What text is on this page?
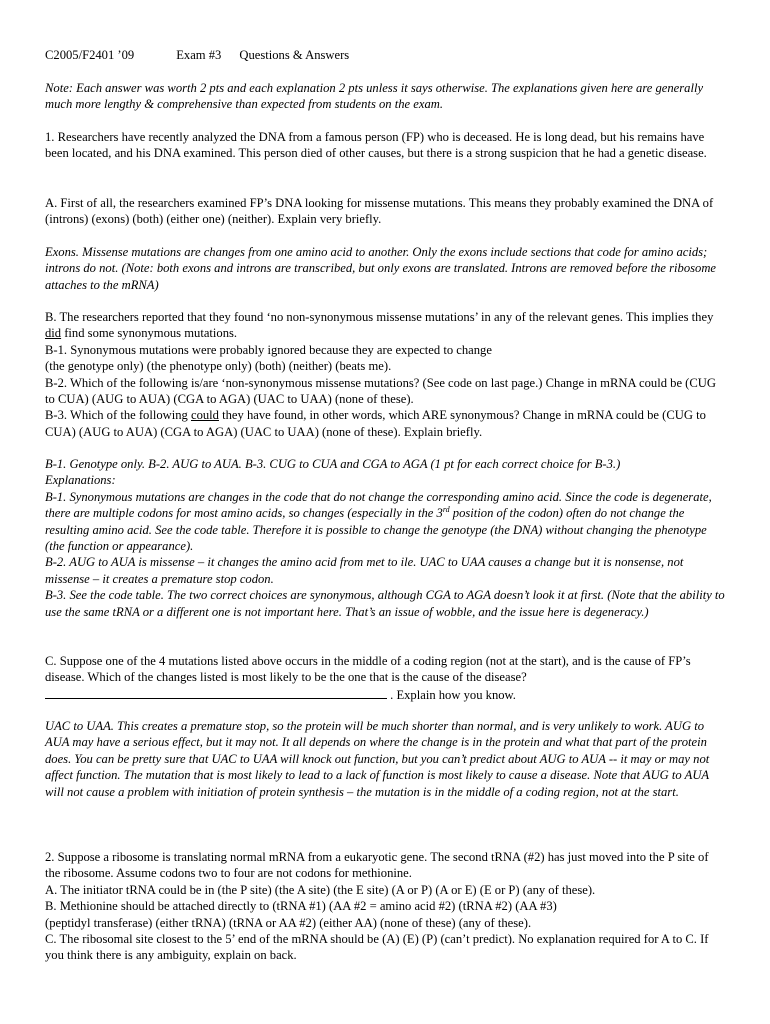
C2005/F2401 ’09	Exam #3 Questions & Answers
Note: Each answer was worth 2 pts and each explanation 2 pts unless it says otherwise. The explanations given here are generally much more lengthy & comprehensive than expected from students on the exam.
1. Researchers have recently analyzed the DNA from a famous person (FP) who is deceased. He is long dead, but his remains have been located, and his DNA examined. This person died of other causes, but there is a strong suspicion that he had a genetic disease.
A. First of all, the researchers examined FP’s DNA looking for missense mutations. This means they probably examined the DNA of (introns) (exons) (both) (either one) (neither). Explain very briefly.
Exons. Missense mutations are changes from one amino acid to another. Only the exons include sections that code for amino acids; introns do not. (Note: both exons and introns are transcribed, but only exons are translated. Introns are removed before the ribosome attaches to the mRNA)
B. The researchers reported that they found ‘no non-synonymous missense mutations’ in any of the relevant genes. This implies they did find some synonymous mutations.
B-1. Synonymous mutations were probably ignored because they are expected to change
(the genotype only) (the phenotype only) (both) (neither) (beats me).
B-2. Which of the following is/are ‘non-synonymous missense mutations? (See code on last page.) Change in mRNA could be (CUG to CUA) (AUG to AUA) (CGA to AGA) (UAC to UAA) (none of these).
B-3. Which of the following could they have found, in other words, which ARE synonymous? Change in mRNA could be (CUG to CUA) (AUG to AUA) (CGA to AGA) (UAC to UAA) (none of these). Explain briefly.
B-1. Genotype only. B-2. AUG to AUA. B-3. CUG to CUA and CGA to AGA (1 pt for each correct choice for B-3.)
Explanations:
B-1. Synonymous mutations are changes in the code that do not change the corresponding amino acid. Since the code is degenerate, there are multiple codons for most amino acids, so changes (especially in the 3rd position of the codon) often do not change the resulting amino acid. See the code table. Therefore it is possible to change the genotype (the DNA) without changing the phenotype (the function or appearance).
B-2. AUG to AUA is missense – it changes the amino acid from met to ile. UAC to UAA causes a change but it is nonsense, not missense – it creates a premature stop codon.
B-3. See the code table. The two correct choices are synonymous, although CGA to AGA doesn’t look it at first. (Note that the ability to use the same tRNA or a different one is not important here. That’s an issue of wobble, and the issue here is degeneracy.)
C. Suppose one of the 4 mutations listed above occurs in the middle of a coding region (not at the start), and is the cause of FP’s disease. Which of the changes listed is most likely to be the one that is the cause of the disease?
. Explain how you know.
UAC to UAA. This creates a premature stop, so the protein will be much shorter than normal, and is very unlikely to work. AUG to AUA may have a serious effect, but it may not. It all depends on where the change is in the protein and what that part of the protein does. You can be pretty sure that UAC to UAA will knock out function, but you can’t predict about AUG to AUA -- it may or may not affect function. The mutation that is most likely to lead to a lack of function is most likely to cause a disease. Note that AUG to AUA will not cause a problem with initiation of protein synthesis – the mutation is in the middle of a coding region, not at the start.
2. Suppose a ribosome is translating normal mRNA from a eukaryotic gene. The second tRNA (#2) has just moved into the P site of the ribosome. Assume codons two to four are not codons for methionine.
A. The initiator tRNA could be in (the P site) (the A site) (the E site) (A or P) (A or E) (E or P) (any of these).
B. Methionine should be attached directly to (tRNA #1) (AA #2 = amino acid #2) (tRNA #2) (AA #3)
(peptidyl transferase) (either tRNA) (tRNA or AA #2) (either AA) (none of these) (any of these).
C. The ribosomal site closest to the 5’ end of the mRNA should be (A) (E) (P) (can’t predict). No explanation required for A to C. If you think there is any ambiguity, explain on back.
